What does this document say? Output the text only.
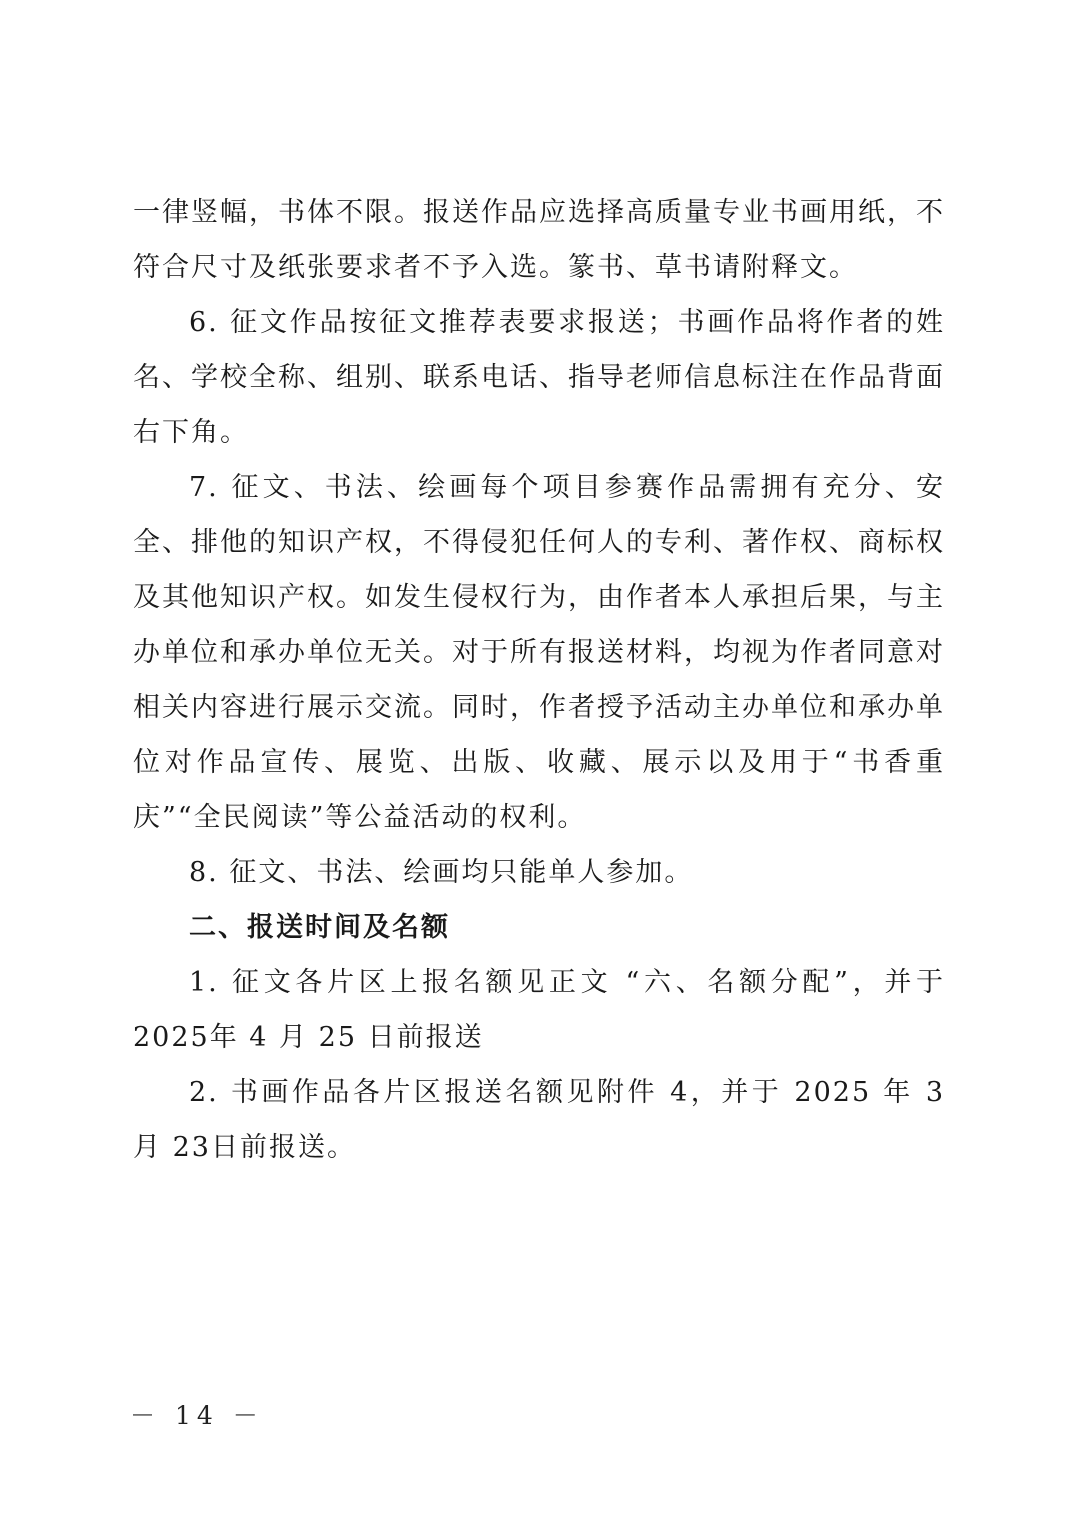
一律竖幅，书体不限。报送作品应选择高质量专业书画用纸，不符合尺寸及纸张要求者不予入选。篆书、草书请附释文。

6. 征文作品按征文推荐表要求报送；书画作品将作者的姓名、学校全称、组别、联系电话、指导老师信息标注在作品背面右下角。

7. 征文、书法、绘画每个项目参赛作品需拥有充分、安全、排他的知识产权，不得侵犯任何人的专利、著作权、商标权及其他知识产权。如发生侵权行为，由作者本人承担后果，与主办单位和承办单位无关。对于所有报送材料，均视为作者同意对相关内容进行展示交流。同时，作者授予活动主办单位和承办单位对作品宣传、展览、出版、收藏、展示以及用于“书香重庆”“全民阅读”等公益活动的权利。

8. 征文、书法、绘画均只能单人参加。

二、报送时间及名额

1. 征文各片区上报名额见正文 “六、名额分配”，并于 2025年 4 月 25 日前报送

2. 书画作品各片区报送名额见附件 4，并于 2025 年 3 月 23日前报送。

－ 14 －
